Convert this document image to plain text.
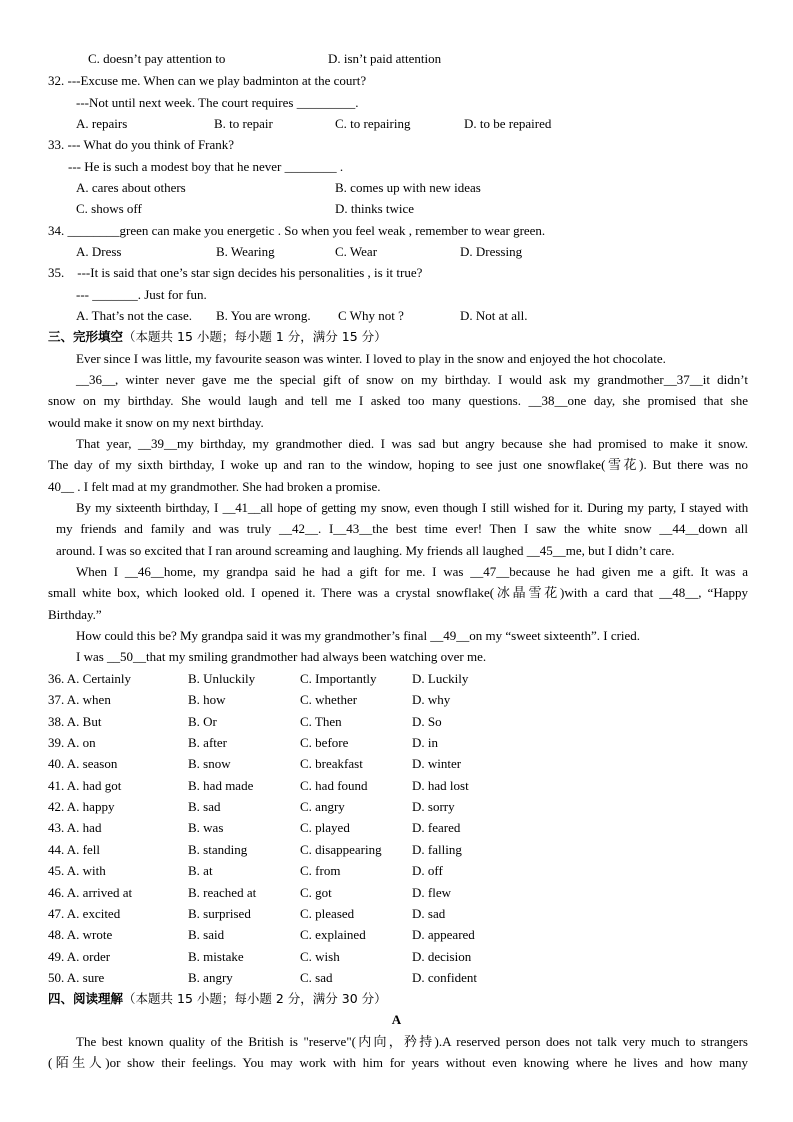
C. doesn’t pay attention to	D. isn’t paid attention
32. ---Excuse me. When can we play badminton at the court?
---Not until next week. The court requires _________.
A. repairs	B. to repair	C. to repairing	D. to be repaired
33. --- What do you think of Frank?
--- He is such a modest boy that he never ________ .
A. cares about others	B. comes up with new ideas
C. shows off	D. thinks twice
34. ________green can make you energetic . So when you feel weak , remember to wear green.
A. Dress	B. Wearing	C. Wear	D. Dressing
35.    ---It is said that one’s star sign decides his personalities , is it true?
--- _______. Just for fun.
A. That’s not the case. B. You are wrong. C Why not ?	D. Not at all.
三、完形填空（本题共 15 小题；每小题 1 分，满分 15 分）
Ever since I was little, my favourite season was winter. I loved to play in the snow and enjoyed the hot chocolate.
__36__, winter never gave me the special gift of snow on my birthday. I would ask my grandmother__37__it didn’t
snow on my birthday. She would laugh and tell me I asked too many questions. __38__one day, she promised that she
would make it snow on my next birthday.
That year, __39__my birthday, my grandmother died. I was sad but angry because she had promised to make it snow.
The day of my sixth birthday, I woke up and ran to the window, hoping to see just one snowflake(雪花). But there was no
40__ . I felt mad at my grandmother. She had broken a promise.
By my sixteenth birthday, I __41__all hope of getting my snow, even though I still wished for it. During my party, I stayed with
my friends and family and was truly __42__. I__43__the best time ever! Then I saw the white snow __44__down all
around. I was so excited that I ran around screaming and laughing. My friends all laughed __45__me, but I didn’t care.
When I __46__home, my grandpa said he had a gift for me. I was __47__because he had given me a gift. It was a
small white box, which looked old. I opened it. There was a crystal snowflake(冰晶雪花)with a card that __48__, “Happy
Birthday.”
How could this be? My grandpa said it was my grandmother’s final __49__on my “sweet sixteenth”. I cried.
I was __50__that my smiling grandmother had always been watching over me.
36. A. Certainly	B. Unluckily	C. Importantly	D. Luckily
37. A. when	B. how	C. whether	D. why
38. A. But	B. Or	C. Then	D. So
39. A. on	B. after	C. before	D. in
40. A. season	B. snow	C. breakfast	D. winter
41. A. had got	B. had made	C. had found	D. had lost
42. A. happy	B. sad	C. angry	D. sorry
43. A. had	B. was	C. played	D. feared
44. A. fell	B. standing	C. disappearing D. falling
45. A. with	B. at	C. from	D. off
46. A. arrived at	B. reached at	C. got	D. flew
47. A. excited	B. surprised	C. pleased	D. sad
48. A. wrote	B. said	C. explained	D. appeared
49. A. order	B. mistake	C. wish	D. decision
50. A. sure	B. angry	C. sad	D. confident
四、阅读理解（本题共 15 小题；每小题 2 分，满分 30 分）
A
The best known quality of the British is "reserve"(内向，矜持).A reserved person does not talk very much to strangers
(陌生人)or show their feelings. You may work with him for years without even knowing where he lives and how many
